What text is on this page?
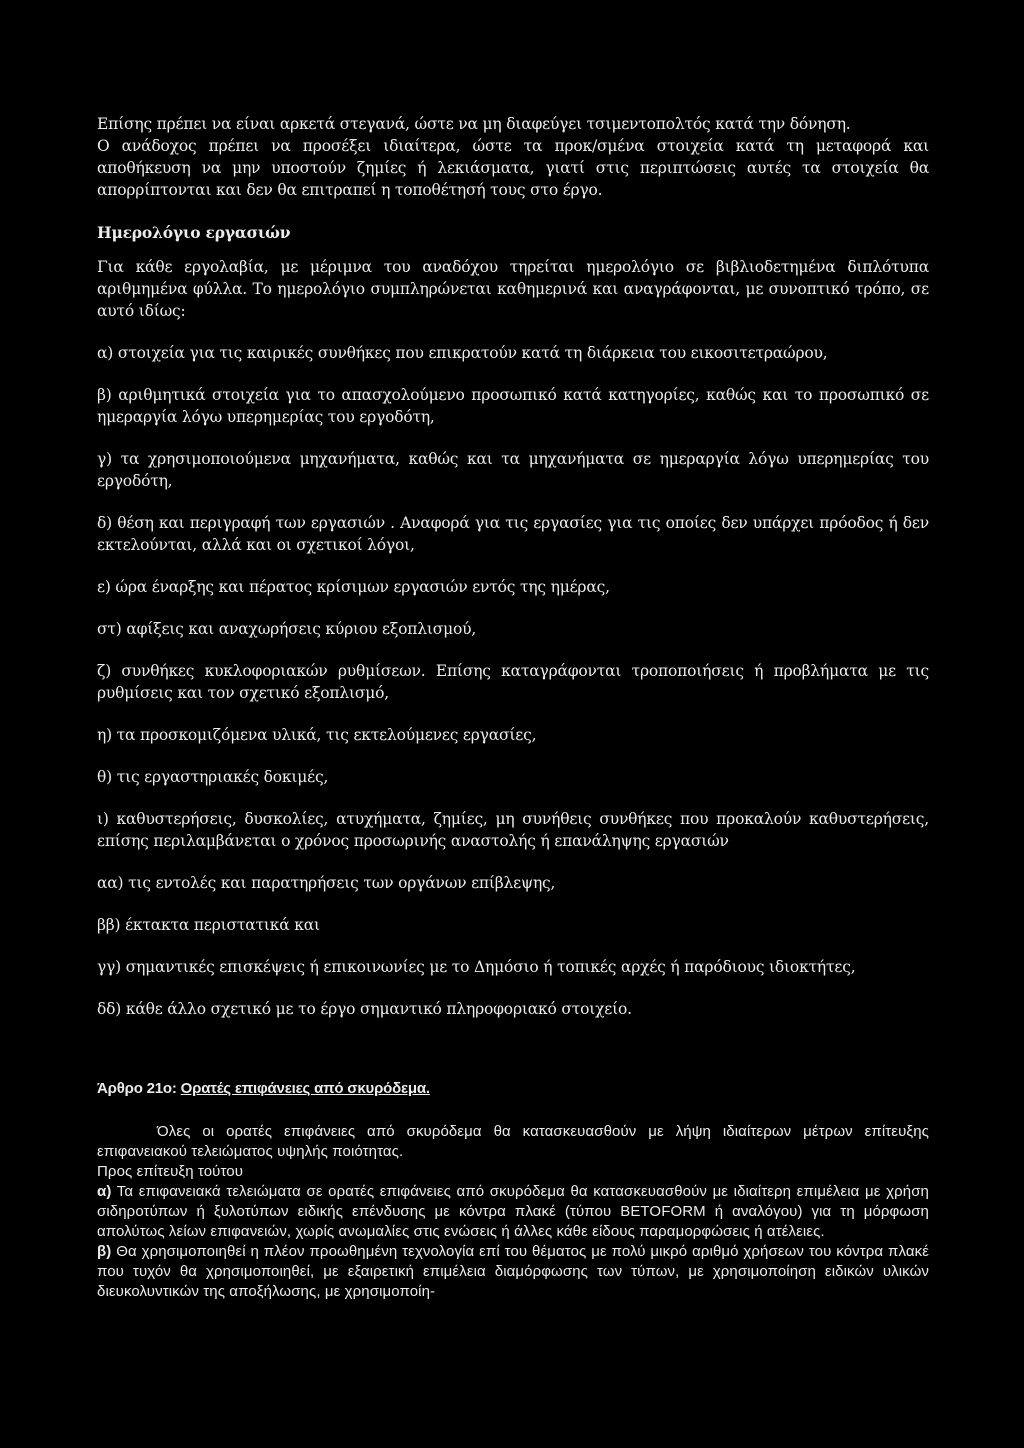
Επίσης πρέπει να είναι αρκετά στεγανά, ώστε να μη διαφεύγει τσιμεντοπολτός κατά την δόνηση.

Ο ανάδοχος πρέπει να προσέξει ιδιαίτερα, ώστε τα προκ/σμένα στοιχεία κατά τη μεταφορά και αποθήκευση να μην υποστούν ζημίες ή λεκιάσματα, γιατί στις περιπτώσεις αυτές τα στοιχεία θα απορρίπτονται και δεν θα επιτραπεί η τοποθέτησή τους στο έργο.

Ημερολόγιο εργασιών

Για κάθε εργολαβία, με μέριμνα του αναδόχου τηρείται ημερολόγιο σε βιβλιοδετημένα διπλότυπα αριθμημένα φύλλα. Το ημερολόγιο συμπληρώνεται καθημερινά και αναγράφονται, με συνοπτικό τρόπο, σε αυτό ιδίως:

α) στοιχεία για τις καιρικές συνθήκες που επικρατούν κατά τη διάρκεια του εικοσιτετραώρου,

β) αριθμητικά στοιχεία για το απασχολούμενο προσωπικό κατά κατηγορίες, καθώς και το προσωπικό σε ημεραργία λόγω υπερημερίας του εργοδότη,

γ) τα χρησιμοποιούμενα μηχανήματα, καθώς και τα μηχανήματα σε ημεραργία λόγω υπερημερίας του εργοδότη,

δ) θέση και περιγραφή των εργασιών . Αναφορά για τις εργασίες για τις οποίες δεν υπάρχει πρόοδος ή δεν εκτελούνται, αλλά και οι σχετικοί λόγοι,

ε) ώρα έναρξης και πέρατος κρίσιμων εργασιών εντός της ημέρας,

στ) αφίξεις και αναχωρήσεις κύριου εξοπλισμού,

ζ) συνθήκες κυκλοφοριακών ρυθμίσεων. Επίσης καταγράφονται τροποποιήσεις ή προβλήματα με τις ρυθμίσεις και τον σχετικό εξοπλισμό,

η) τα προσκομιζόμενα υλικά, τις εκτελούμενες εργασίες,

θ) τις εργαστηριακές δοκιμές,

ι) καθυστερήσεις, δυσκολίες, ατυχήματα, ζημίες, μη συνήθεις συνθήκες που προκαλούν καθυστερήσεις, επίσης περιλαμβάνεται ο χρόνος προσωρινής αναστολής ή επανάληψης εργασιών

αα) τις εντολές και παρατηρήσεις των οργάνων επίβλεψης,

ββ) έκτακτα περιστατικά και

γγ) σημαντικές επισκέψεις ή επικοινωνίες με το Δημόσιο ή τοπικές αρχές ή παρόδιους ιδιοκτήτες,

δδ) κάθε άλλο σχετικό με το έργο σημαντικό πληροφοριακό στοιχείο.

Άρθρο 21ο: Ορατές επιφάνειες από σκυρόδεμα.

Όλες οι ορατές επιφάνειες από σκυρόδεμα θα κατασκευασθούν με λήψη ιδιαίτερων μέτρων επίτευξης επιφανειακού τελειώματος υψηλής ποιότητας.
Προς επίτευξη τούτου
α) Τα επιφανειακά τελειώματα σε ορατές επιφάνειες από σκυρόδεμα θα κατασκευασθούν με ιδιαίτερη επιμέλεια με χρήση σιδηροτύπων ή ξυλοτύπων ειδικής επένδυσης με κόντρα πλακέ (τύπου BETOFORM ή αναλόγου) για τη μόρφωση απολύτως λείων επιφανειών, χωρίς ανωμαλίες στις ενώσεις ή άλλες κάθε είδους παραμορφώσεις ή ατέλειες.
β) Θα χρησιμοποιηθεί η πλέον προωθημένη τεχνολογία επί του θέματος με πολύ μικρό αριθμό χρήσεων του κόντρα πλακέ που τυχόν θα χρησιμοποιηθεί, με εξαιρετική επιμέλεια διαμόρφωσης των τύπων, με χρησιμοποίηση ειδικών υλικών διευκολυντικών της αποξήλωσης, με χρησιμοποίη-
